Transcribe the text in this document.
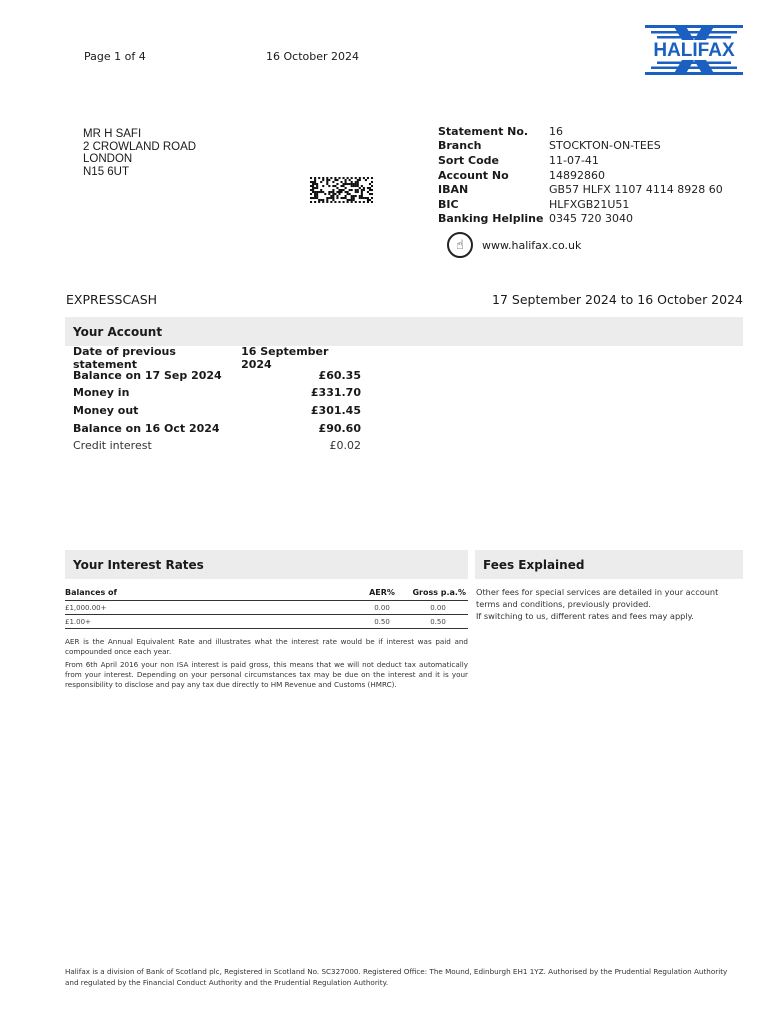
Page 1 of 4	16 October 2024	HALIFAX
MR H SAFI
2 CROWLAND ROAD
LONDON
N15 6UT
Statement No.	16
Branch	STOCKTON-ON-TEES
Sort Code	11-07-41
Account No	14892860
IBAN	GB57 HLFX 1107 4114 8928 60
BIC	HLFXGB21U51
Banking Helpline 0345 720 3040
☝	www.halifax.co.uk
EXPRESSCASH	17 September 2024 to 16 October 2024
Your Account
Date of previous statement
16 September 2024
Balance on 17 Sep 2024	£60.35
Money in	£331.70
Money out	£301.45
Balance on 16 Oct 2024	£90.60
Credit interest	£0.02
Your Interest Rates	Fees Explained
Balances of	AER%	Gross p.a.%
£1,000.00+	0.00	0.00
£1.00+	0.50	0.50

AER is the Annual Equivalent Rate and illustrates what the interest rate would be if interest was paid and compounded once each year.

From 6th April 2016 your non ISA interest is paid gross, this means that we will not deduct tax automatically from your interest. Depending on your personal circumstances tax may be due on the interest and it is your responsibility to disclose and pay any tax due directly to HM Revenue and Customs (HMRC).

Other fees for special services are detailed in your account terms and conditions, previously provided.
If switching to us, different rates and fees may apply.

Halifax is a division of Bank of Scotland plc, Registered in Scotland No. SC327000. Registered Office: The Mound, Edinburgh EH1 1YZ. Authorised by the Prudential Regulation Authority and regulated by the Financial Conduct Authority and the Prudential Regulation Authority.
